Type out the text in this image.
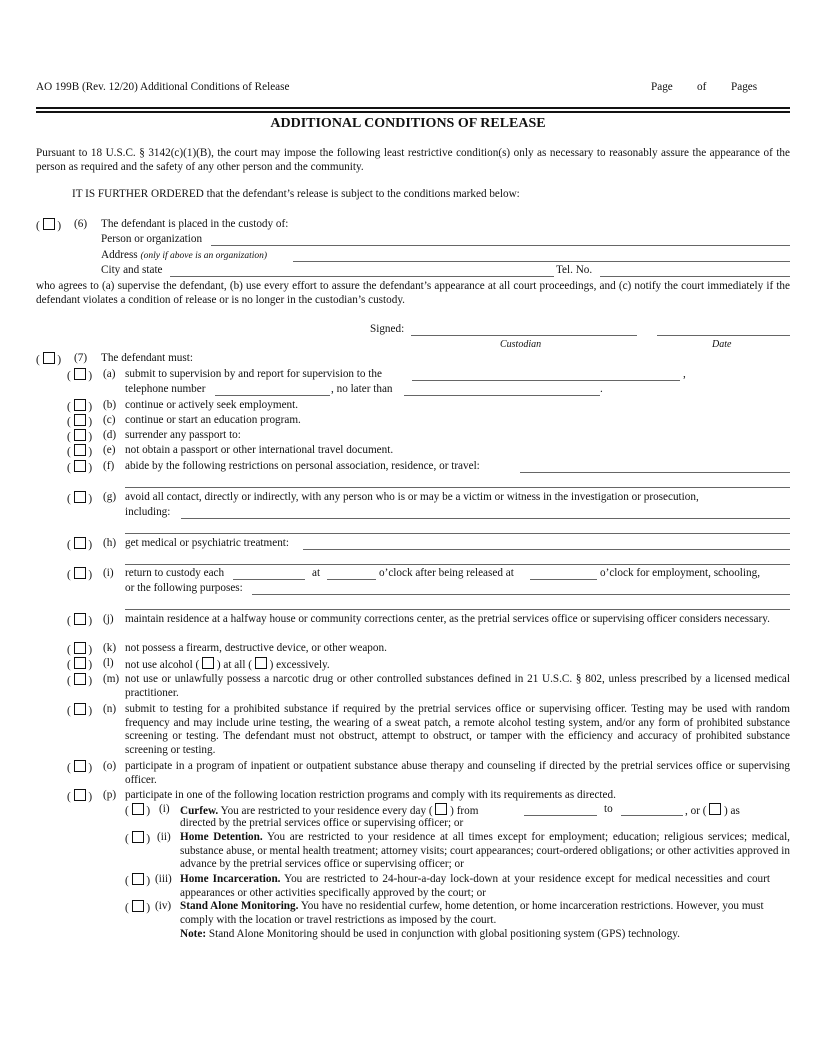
AO 199B (Rev. 12/20) Additional Conditions of Release	Page of Pages
ADDITIONAL CONDITIONS OF RELEASE
Pursuant to 18 U.S.C. § 3142(c)(1)(B), the court may impose the following least restrictive condition(s) only as necessary to reasonably assure the appearance of the person as required and the safety of any other person and the community.
IT IS FURTHER ORDERED that the defendant’s release is subject to the conditions marked below:
(  ) (6) The defendant is placed in the custody of:
Person or organization
Address (only if above is an organization)
City and state	Tel. No.
who agrees to (a) supervise the defendant, (b) use every effort to assure the defendant’s appearance at all court proceedings, and (c) notify the court immediately if the defendant violates a condition of release or is no longer in the custodian’s custody.
Signed:
Custodian	Date
(  ) (7) The defendant must:
(  ) (a) submit to supervision by and report for supervision to the	,
telephone number	, no later than	.
(  ) (b) continue or actively seek employment.
(  ) (c) continue or start an education program.
(  ) (d) surrender any passport to:
(  ) (e) not obtain a passport or other international travel document.
(  ) (f) abide by the following restrictions on personal association, residence, or travel:
(  ) (g) avoid all contact, directly or indirectly, with any person who is or may be a victim or witness in the investigation or prosecution,
including:
(  ) (h) get medical or psychiatric treatment:
(  ) (i) return to custody each	at	o’clock after being released at	o’clock for employment, schooling,
or the following purposes:
(  ) (j) maintain residence at a halfway house or community corrections center, as the pretrial services office or supervising officer considers necessary.
(  ) (k) not possess a firearm, destructive device, or other weapon.
(  ) (l) not use alcohol ( ) at all ( ) excessively.
(  ) (m) not use or unlawfully possess a narcotic drug or other controlled substances defined in 21 U.S.C. § 802, unless prescribed by a licensed medical practitioner.
(  ) (n) submit to testing for a prohibited substance if required by the pretrial services office or supervising officer. Testing may be used with random frequency and may include urine testing, the wearing of a sweat patch, a remote alcohol testing system, and/or any form of prohibited substance screening or testing. The defendant must not obstruct, attempt to obstruct, or tamper with the efficiency and accuracy of prohibited substance screening or testing.
(  ) (o) participate in a program of inpatient or outpatient substance abuse therapy and counseling if directed by the pretrial services office or supervising officer.
(  ) (p) participate in one of the following location restriction programs and comply with its requirements as directed.
(  ) (i) Curfew. You are restricted to your residence every day ( ) from	to	, or ( ) as
directed by the pretrial services office or supervising officer; or
(  ) (ii) Home Detention. You are restricted to your residence at all times except for employment; education; religious services; medical, substance abuse, or mental health treatment; attorney visits; court appearances; court-ordered obligations; or other activities approved in advance by the pretrial services office or supervising officer; or
(  ) (iii) Home Incarceration. You are restricted to 24-hour-a-day lock-down at your residence except for medical necessities and court appearances or other activities specifically approved by the court; or
(  ) (iv) Stand Alone Monitoring. You have no residential curfew, home detention, or home incarceration restrictions. However, you must comply with the location or travel restrictions as imposed by the court.
Note: Stand Alone Monitoring should be used in conjunction with global positioning system (GPS) technology.
